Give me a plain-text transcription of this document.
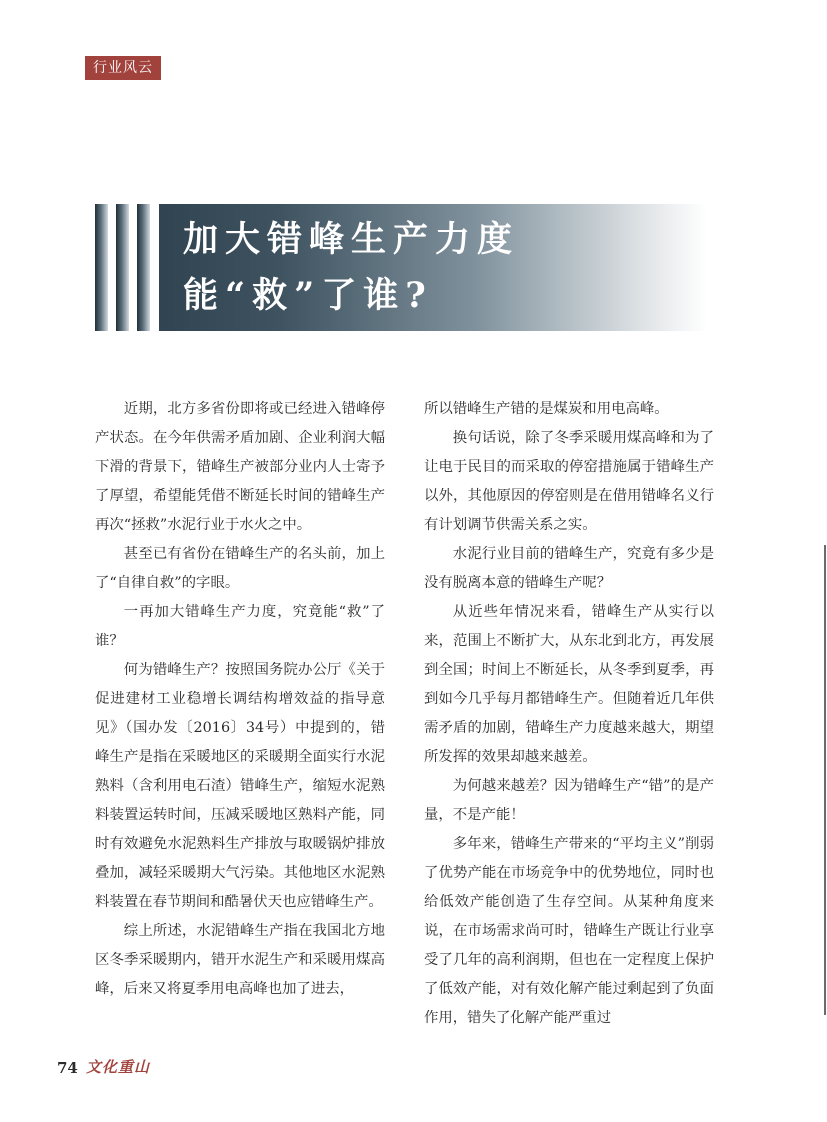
行业风云
加大错峰生产力度
能“救”了谁?

近期，北方多省份即将或已经进入错峰停产状态。在今年供需矛盾加剧、企业利润大幅下滑的背景下，错峰生产被部分业内人士寄予了厚望，希望能凭借不断延长时间的错峰生产再次“拯救”水泥行业于水火之中。

甚至已有省份在错峰生产的名头前，加上了“自律自救”的字眼。

一再加大错峰生产力度，究竟能“救”了谁？

何为错峰生产？按照国务院办公厅《关于促进建材工业稳增长调结构增效益的指导意见》（国办发〔2016〕34号）中提到的，错峰生产是指在采暖地区的采暖期全面实行水泥熟料（含利用电石渣）错峰生产，缩短水泥熟料装置运转时间，压减采暖地区熟料产能，同时有效避免水泥熟料生产排放与取暖锅炉排放叠加，减轻采暖期大气污染。其他地区水泥熟料装置在春节期间和酷暑伏天也应错峰生产。

综上所述，水泥错峰生产指在我国北方地区冬季采暖期内，错开水泥生产和采暖用煤高峰，后来又将夏季用电高峰也加了进去，

所以错峰生产错的是煤炭和用电高峰。

换句话说，除了冬季采暖用煤高峰和为了让电于民目的而采取的停窑措施属于错峰生产以外，其他原因的停窑则是在借用错峰名义行有计划调节供需关系之实。

水泥行业目前的错峰生产，究竟有多少是没有脱离本意的错峰生产呢？

从近些年情况来看，错峰生产从实行以来，范围上不断扩大，从东北到北方，再发展到全国；时间上不断延长，从冬季到夏季，再到如今几乎每月都错峰生产。但随着近几年供需矛盾的加剧，错峰生产力度越来越大，期望所发挥的效果却越来越差。

为何越来越差？因为错峰生产“错”的是产量，不是产能！

多年来，错峰生产带来的“平均主义”削弱了优势产能在市场竞争中的优势地位，同时也给低效产能创造了生存空间。从某种角度来说，在市场需求尚可时，错峰生产既让行业享受了几年的高利润期，但也在一定程度上保护了低效产能，对有效化解产能过剩起到了负面作用，错失了化解产能严重过

74 文化重山
